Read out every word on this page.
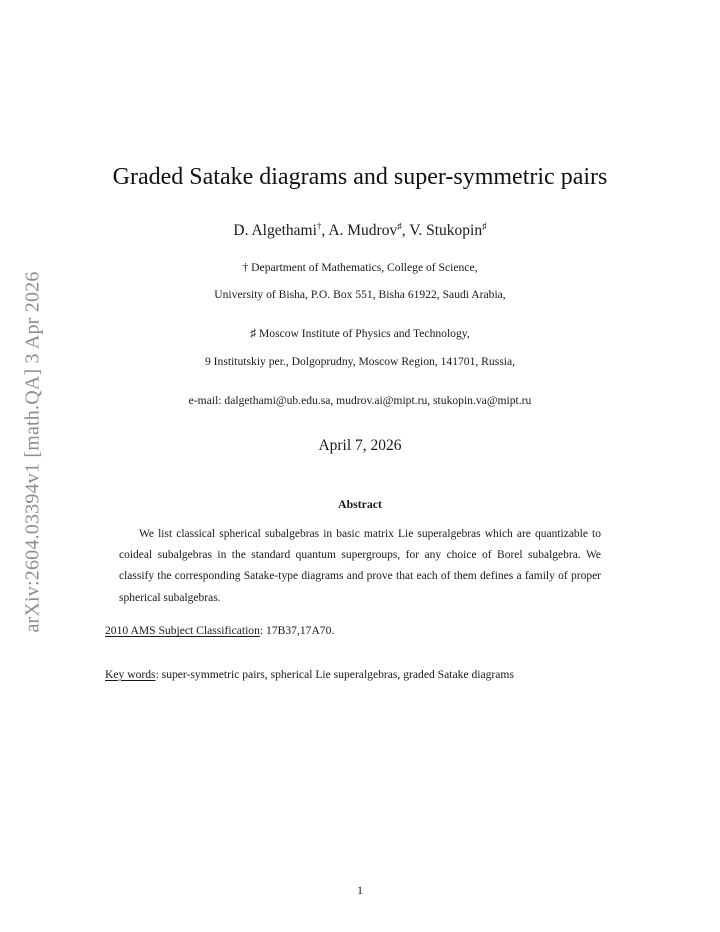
arXiv:2604.03394v1 [math.QA] 3 Apr 2026
Graded Satake diagrams and super-symmetric pairs
D. Algethami†, A. Mudrov♯, V. Stukopin♯
† Department of Mathematics, College of Science,
University of Bisha, P.O. Box 551, Bisha 61922, Saudi Arabia,
♯ Moscow Institute of Physics and Technology,
9 Institutskiy per., Dolgoprudny, Moscow Region, 141701, Russia,
e-mail: dalgethami@ub.edu.sa, mudrov.ai@mipt.ru, stukopin.va@mipt.ru
April 7, 2026
Abstract
We list classical spherical subalgebras in basic matrix Lie superalgebras which are quantizable to coideal subalgebras in the standard quantum supergroups, for any choice of Borel subalgebra. We classify the corresponding Satake-type diagrams and prove that each of them defines a family of proper spherical subalgebras.
2010 AMS Subject Classification: 17B37,17A70.
Key words: super-symmetric pairs, spherical Lie superalgebras, graded Satake diagrams
1
